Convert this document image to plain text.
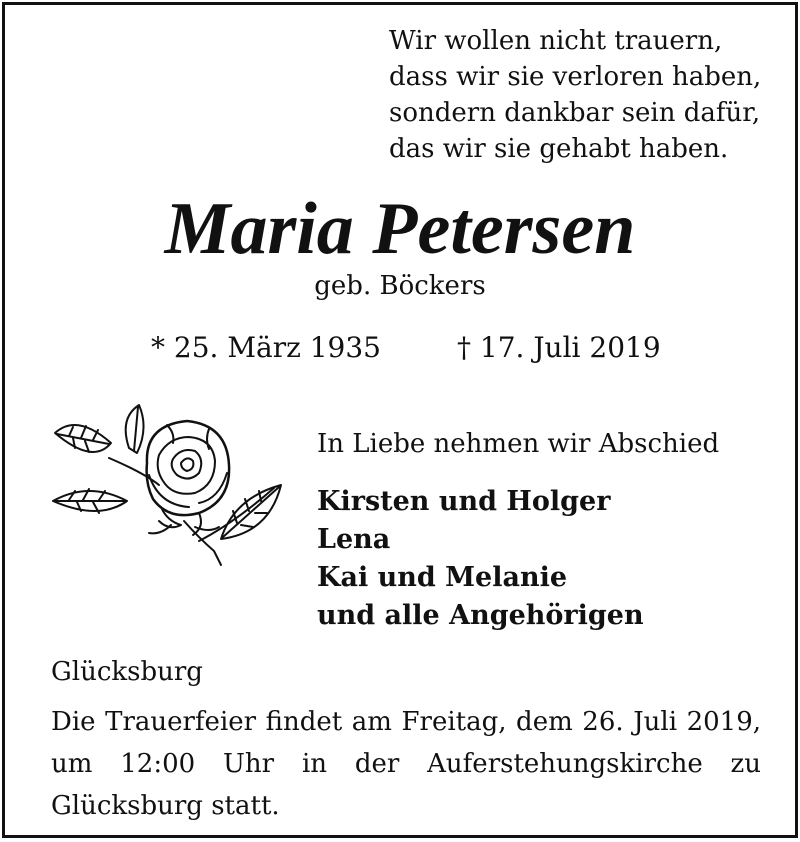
Wir wollen nicht trauern,
dass wir sie verloren haben,
sondern dankbar sein dafür,
das wir sie gehabt haben.
Maria Petersen
geb. Böckers
* 25. März 1935	† 17. Juli 2019
In Liebe nehmen wir Abschied
Kirsten und Holger
Lena
Kai und Melanie
und alle Angehörigen
Glücksburg
Die Trauerfeier findet am Freitag, dem 26. Juli 2019, um 12:00 Uhr in der Auferstehungskirche zu Glücksburg statt.
